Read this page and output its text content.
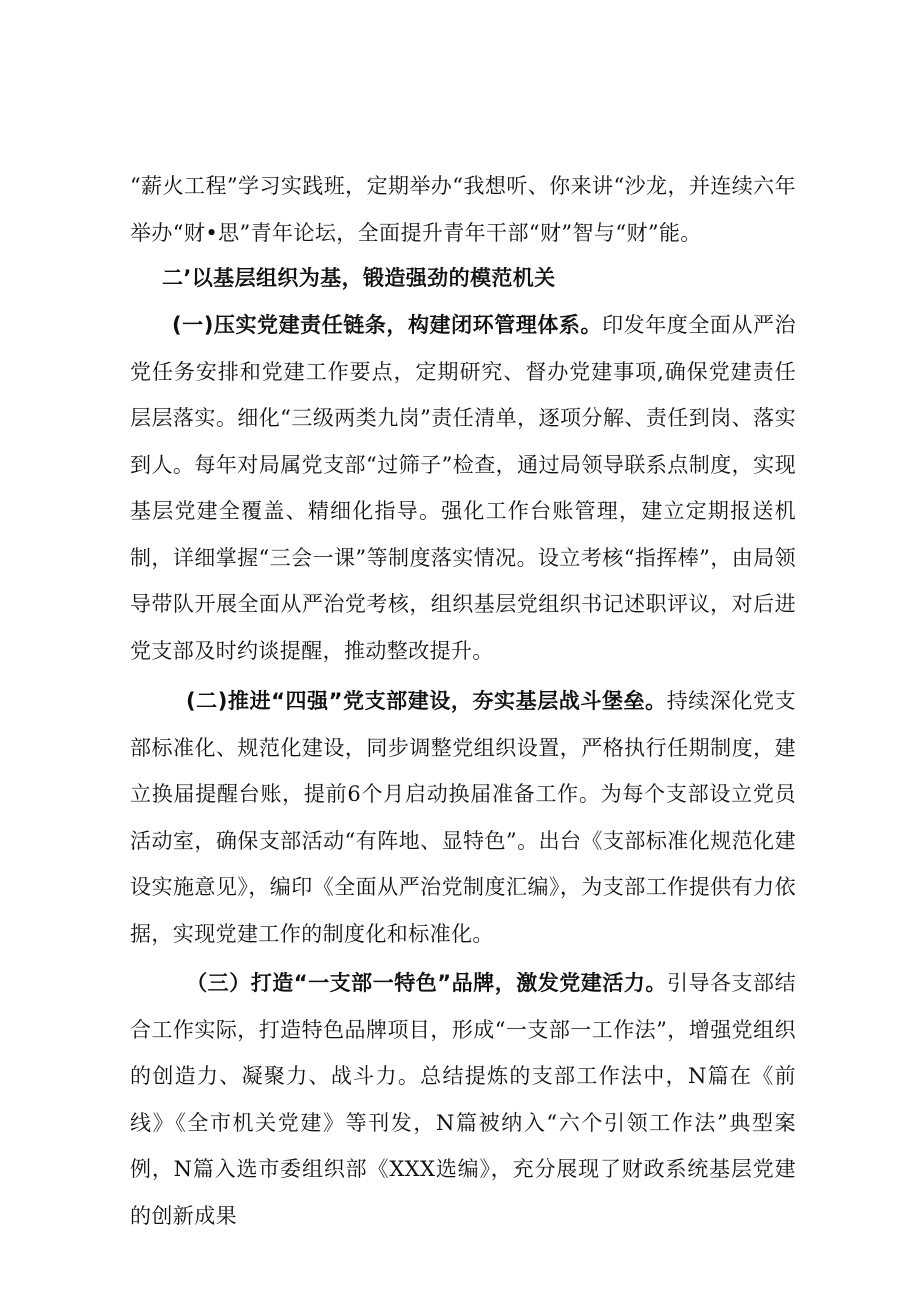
“薪火工程”学习实践班，定期举办“我想听、你来讲“沙龙，并连续六年举办“财•思”青年论坛，全面提升青年干部“财”智与“财”能。
二’以基层组织为基，锻造强劲的模范机关
(一)压实党建责任链条，构建闭环管理体系。印发年度全面从严治党任务安排和党建工作要点，定期研究、督办党建事项,确保党建责任层层落实。细化“三级两类九岗”责任清单，逐项分解、责任到岗、落实到人。每年对局属党支部“过筛子”检查，通过局领导联系点制度，实现基层党建全覆盖、精细化指导。强化工作台账管理，建立定期报送机制，详细掌握“三会一课”等制度落实情况。设立考核“指挥棒”，由局领导带队开展全面从严治党考核，组织基层党组织书记述职评议，对后进党支部及时约谈提醒，推动整改提升。
(二)推进“四强”党支部建设，夯实基层战斗堡垒。持续深化党支部标准化、规范化建设，同步调整党组织设置，严格执行任期制度，建立换届提醒台账，提前6个月启动换届准备工作。为每个支部设立党员活动室，确保支部活动“有阵地、显特色”。出台《支部标准化规范化建设实施意见》，编印《全面从严治党制度汇编》，为支部工作提供有力依据，实现党建工作的制度化和标准化。
（三）打造“一支部一特色”品牌，激发党建活力。引导各支部结合工作实际，打造特色品牌项目，形成“一支部一工作法”，增强党组织的创造力、凝聚力、战斗力。总结提炼的支部工作法中，N篇在《前线》《全市机关党建》等刊发，N篇被纳入“六个引领工作法”典型案例，N篇入选市委组织部《XXX选编》，充分展现了财政系统基层党建的创新成果
